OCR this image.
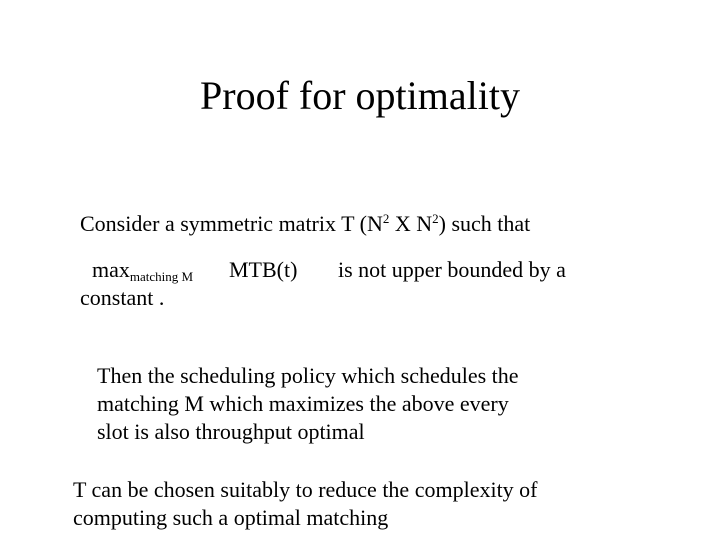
Proof for optimality
Consider a symmetric matrix T ($N^2$ X $N^2$) such that
$\max_{matching M} MTB(t)$ is not upper bounded by a
constant .
Then the scheduling policy which schedules the
matching M which maximizes the above every
slot is also throughput optimal
T can be chosen suitably to reduce the complexity of
computing such a optimal matching
